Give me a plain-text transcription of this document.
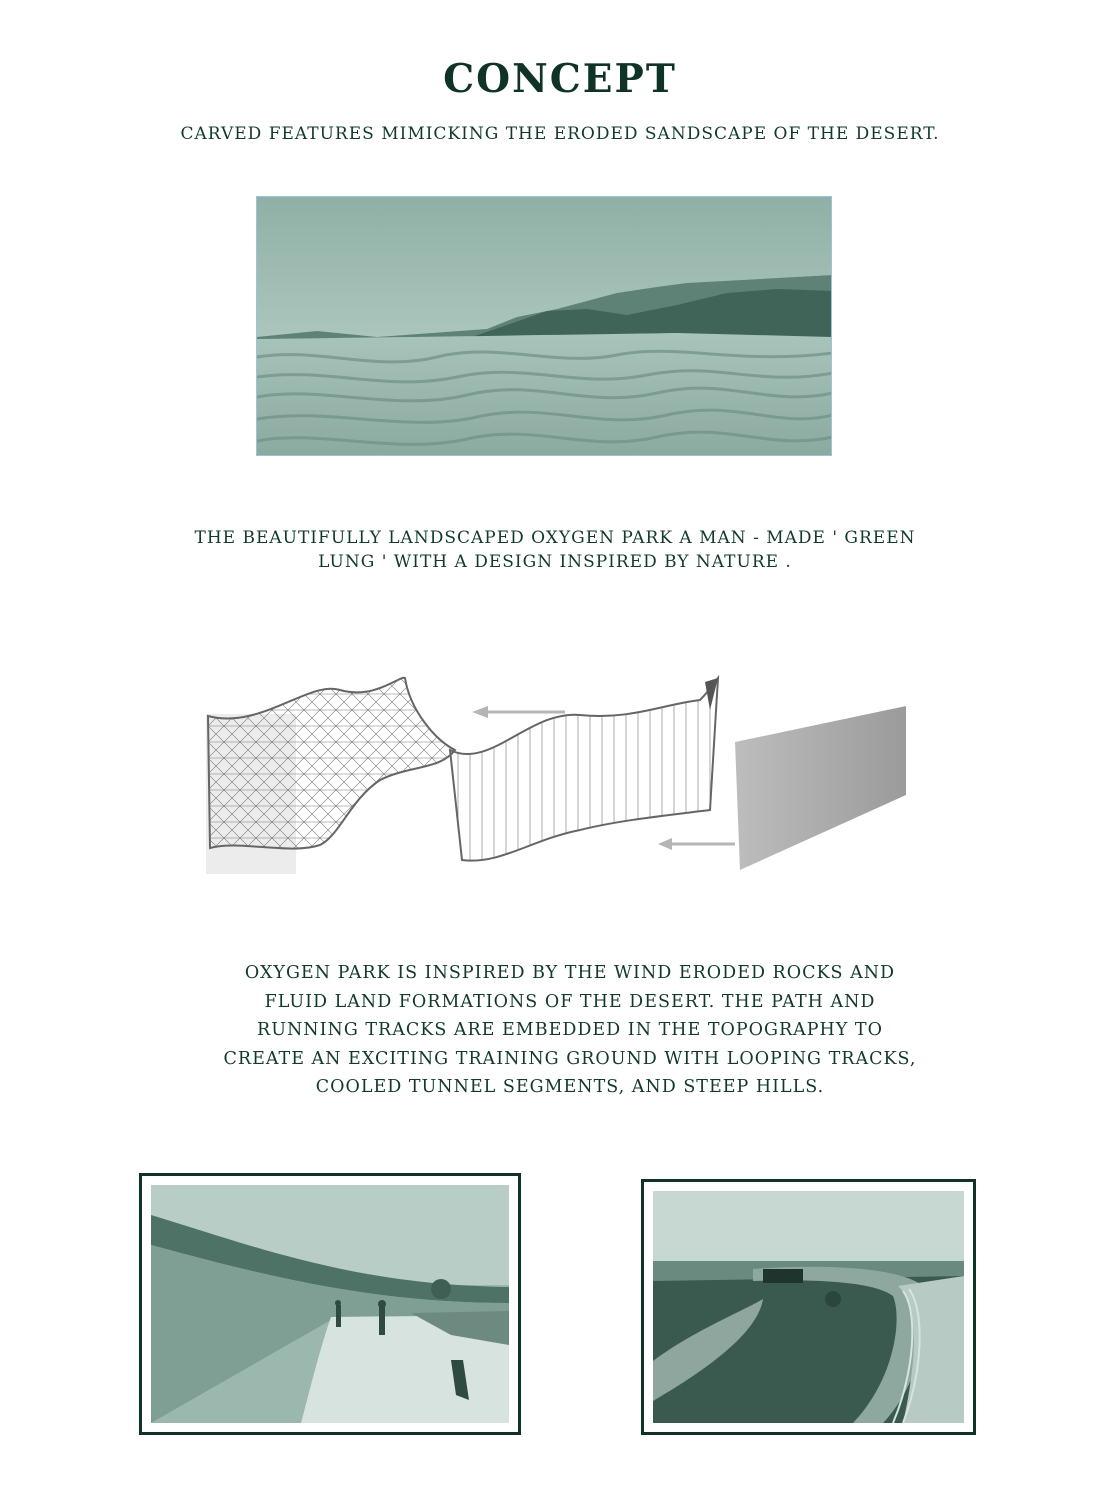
concept
CARVED FEATURES MIMICKING THE ERODED SANDSCAPE OF THE DESERT.
THE BEAUTIFULLY LANDSCAPED OXYGEN PARK A MAN - MADE ' GREEN
LUNG ' WITH A DESIGN INSPIRED BY NATURE .
OXYGEN PARK IS INSPIRED BY THE WIND ERODED ROCKS AND
FLUID LAND FORMATIONS OF THE DESERT. THE PATH AND
RUNNING TRACKS ARE EMBEDDED IN THE TOPOGRAPHY TO
CREATE AN EXCITING TRAINING GROUND WITH LOOPING TRACKS,
COOLED TUNNEL SEGMENTS, AND STEEP HILLS.
